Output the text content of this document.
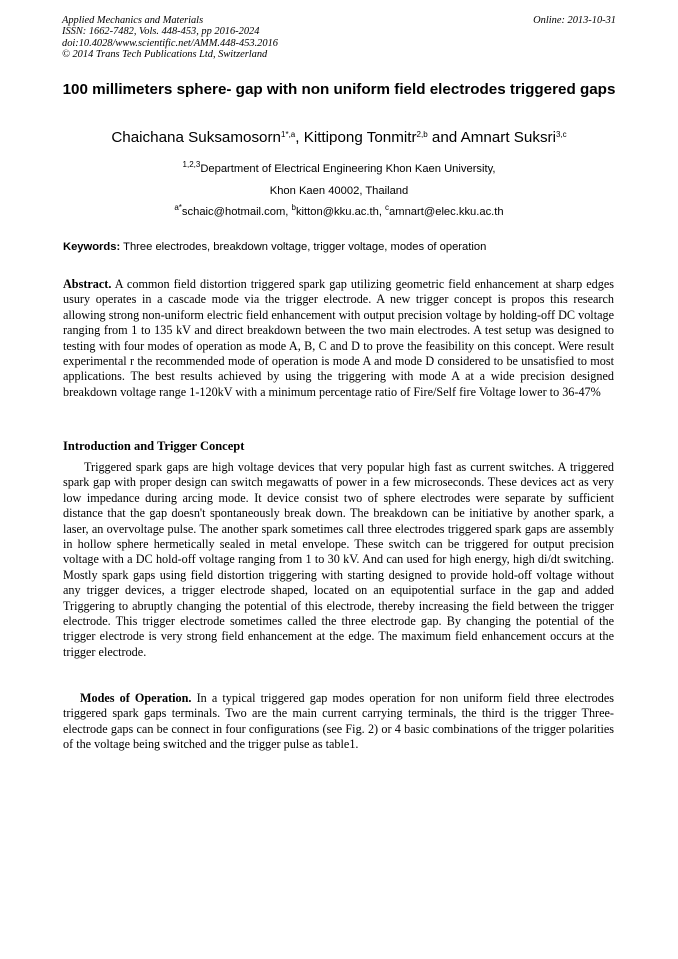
Applied Mechanics and Materials
ISSN: 1662-7482, Vols. 448-453, pp 2016-2024
doi:10.4028/www.scientific.net/AMM.448-453.2016
© 2014 Trans Tech Publications Ltd, Switzerland
Online: 2013-10-31
100 millimeters sphere- gap with non uniform field electrodes triggered gaps
Chaichana Suksamosorn$^{1*,a}$, Kittipong Tonmitr$^{2,b}$ and Amnart Suksri$^{3,c}$
$^{1,2,3}$Department of Electrical Engineering Khon Kaen University,
Khon Kaen 40002, Thailand
$^{a*}$schaic@hotmail.com, $^b$kitton@kku.ac.th, $^c$amnart@elec.kku.ac.th
Keywords: Three electrodes, breakdown voltage, trigger voltage, modes of operation
Abstract. A common field distortion triggered spark gap utilizing geometric field enhancement at sharp edges usury operates in a cascade mode via the trigger electrode. A new trigger concept is propos this research allowing strong non-uniform electric field enhancement with output precision voltage by holding-off DC voltage ranging from 1 to 135 kV and direct breakdown between the two main electrodes. A test setup was designed to testing with four modes of operation as mode A, B, C and D to prove the feasibility on this concept. Were result experimental r the recommended mode of operation is mode A and mode D considered to be unsatisfied to most applications. The best results achieved by using the triggering with mode A at a wide precision designed breakdown voltage range 1-120kV with a minimum percentage ratio of Fire/Self fire Voltage lower to 36-47%
Introduction and Trigger Concept
Triggered spark gaps are high voltage devices that very popular high fast as current switches. A triggered spark gap with proper design can switch megawatts of power in a few microseconds. These devices act as very low impedance during arcing mode. It device consist two of sphere electrodes were separate by sufficient distance that the gap doesn't spontaneously break down. The breakdown can be initiative by another spark, a laser, an overvoltage pulse. The another spark sometimes call three electrodes triggered spark gaps are assembly in hollow sphere hermetically sealed in metal envelope. These switch can be triggered for output precision voltage with a DC hold-off voltage ranging from 1 to 30 kV. And can used for high energy, high di/dt switching. Mostly spark gaps using field distortion triggering with starting designed to provide hold-off voltage without any trigger devices, a trigger electrode shaped, located on an equipotential surface in the gap and added Triggering to abruptly changing the potential of this electrode, thereby increasing the field between the trigger electrode. This trigger electrode sometimes called the three electrode gap. By changing the potential of the trigger electrode is very strong field enhancement at the edge. The maximum field enhancement occurs at the trigger electrode.
Modes of Operation. In a typical triggered gap modes operation for non uniform field three electrodes triggered spark gaps terminals. Two are the main current carrying terminals, the third is the trigger Three-electrode gaps can be connect in four configurations (see Fig. 2) or 4 basic combinations of the trigger polarities of the voltage being switched and the trigger pulse as table1.
